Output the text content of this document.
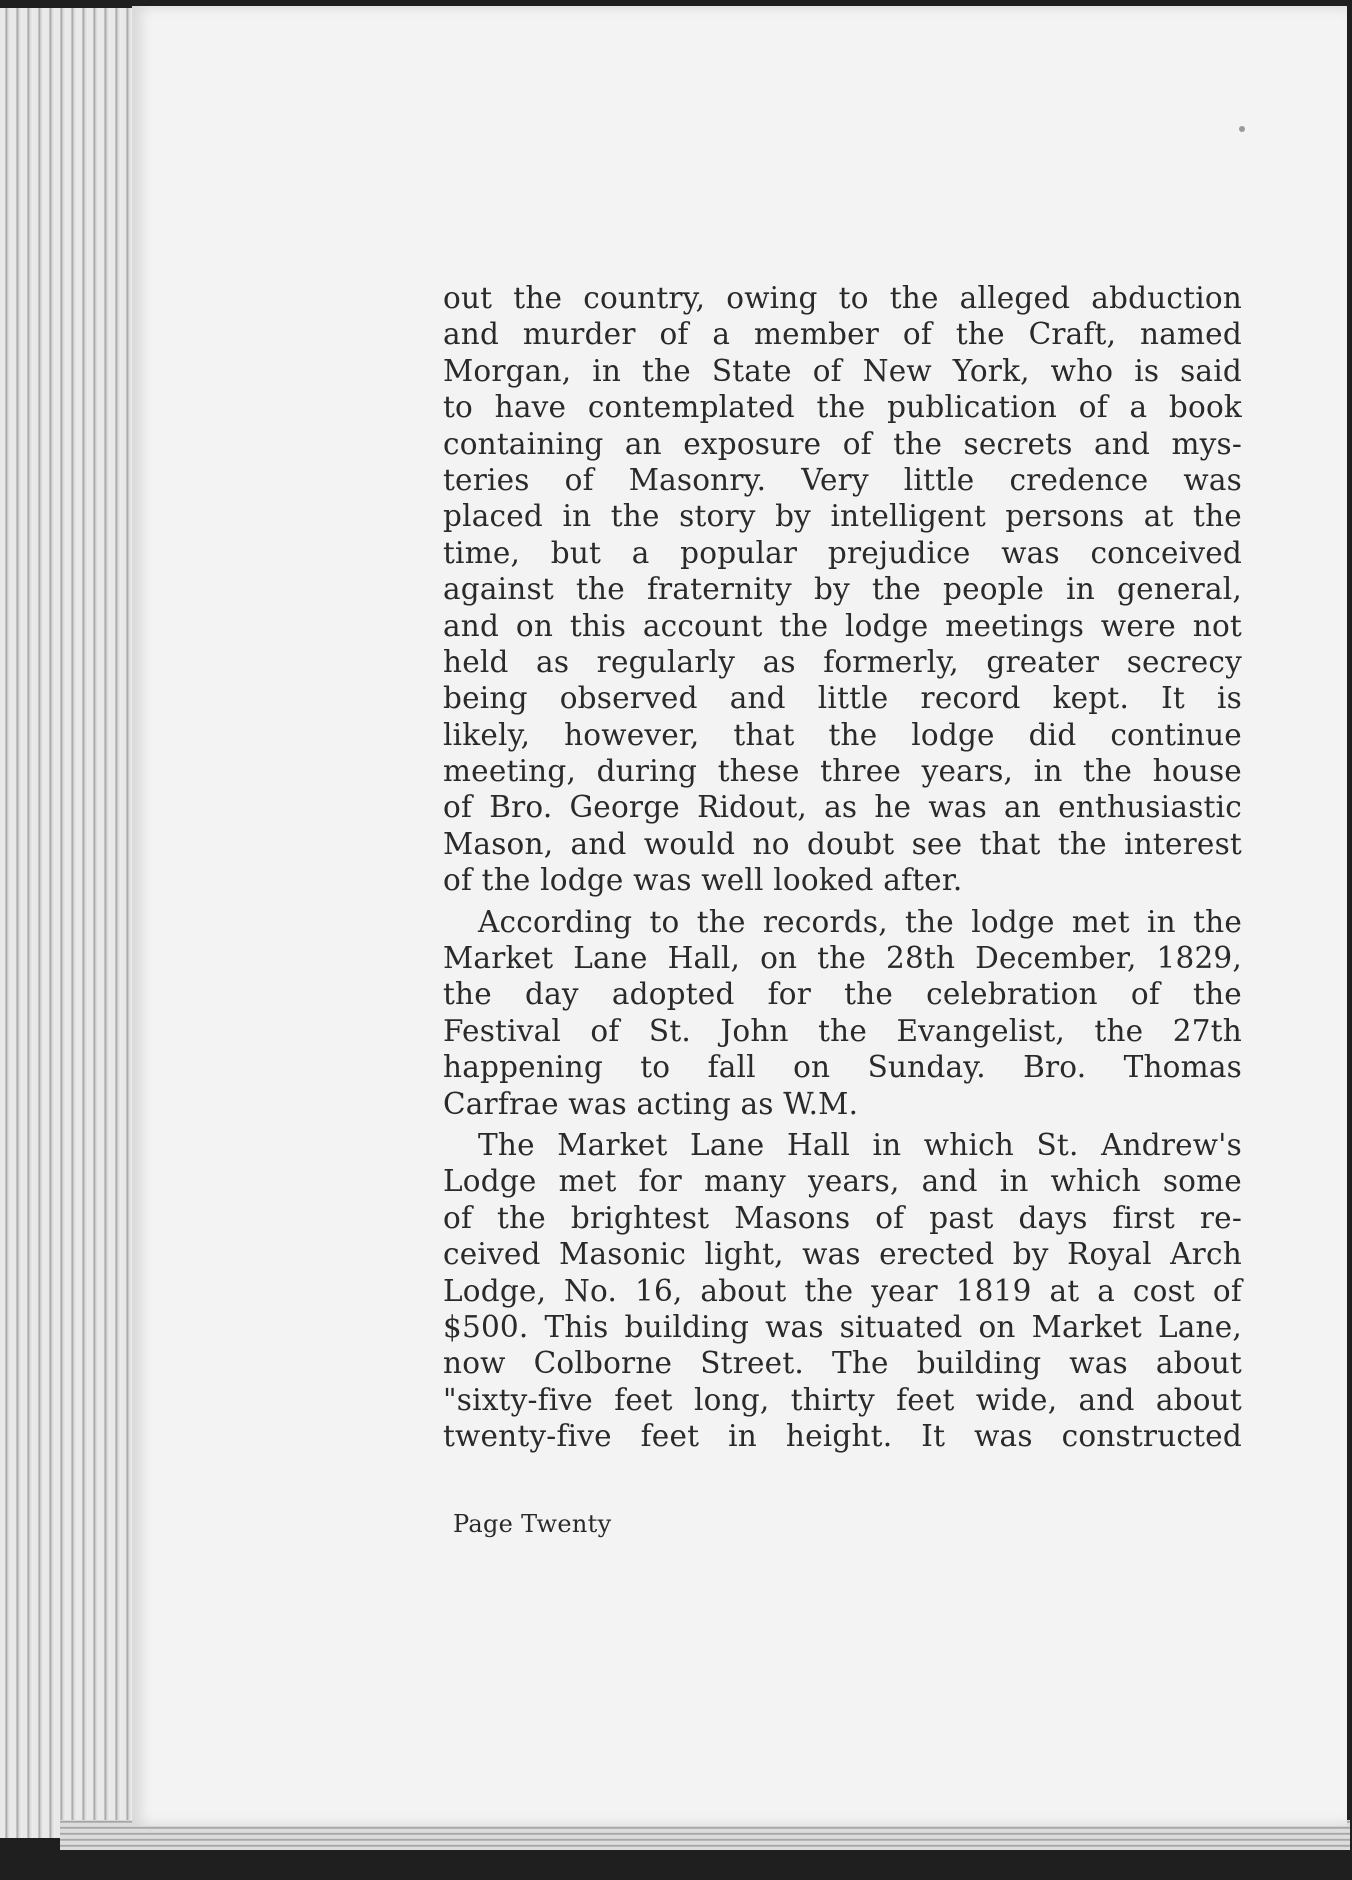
out the country, owing to the alleged abduction
and murder of a member of the Craft, named
Morgan, in the State of New York, who is said
to have contemplated the publication of a book
containing an exposure of the secrets and mys-
teries of Masonry. Very little credence was
placed in the story by intelligent persons at the
time, but a popular prejudice was conceived
against the fraternity by the people in general,
and on this account the lodge meetings were not
held as regularly as formerly, greater secrecy
being observed and little record kept. It is
likely, however, that the lodge did continue
meeting, during these three years, in the house
of Bro. George Ridout, as he was an enthusiastic
Mason, and would no doubt see that the interest
of the lodge was well looked after.
According to the records, the lodge met in the
Market Lane Hall, on the 28th December, 1829,
the day adopted for the celebration of the
Festival of St. John the Evangelist, the 27th
happening to fall on Sunday. Bro. Thomas
Carfrae was acting as W.M.
The Market Lane Hall in which St. Andrew's
Lodge met for many years, and in which some
of the brightest Masons of past days first re-
ceived Masonic light, was erected by Royal Arch
Lodge, No. 16, about the year 1819 at a cost of
$500. This building was situated on Market Lane,
now Colborne Street. The building was about
"sixty-five feet long, thirty feet wide, and about
twenty-five feet in height. It was constructed
Page Twenty
